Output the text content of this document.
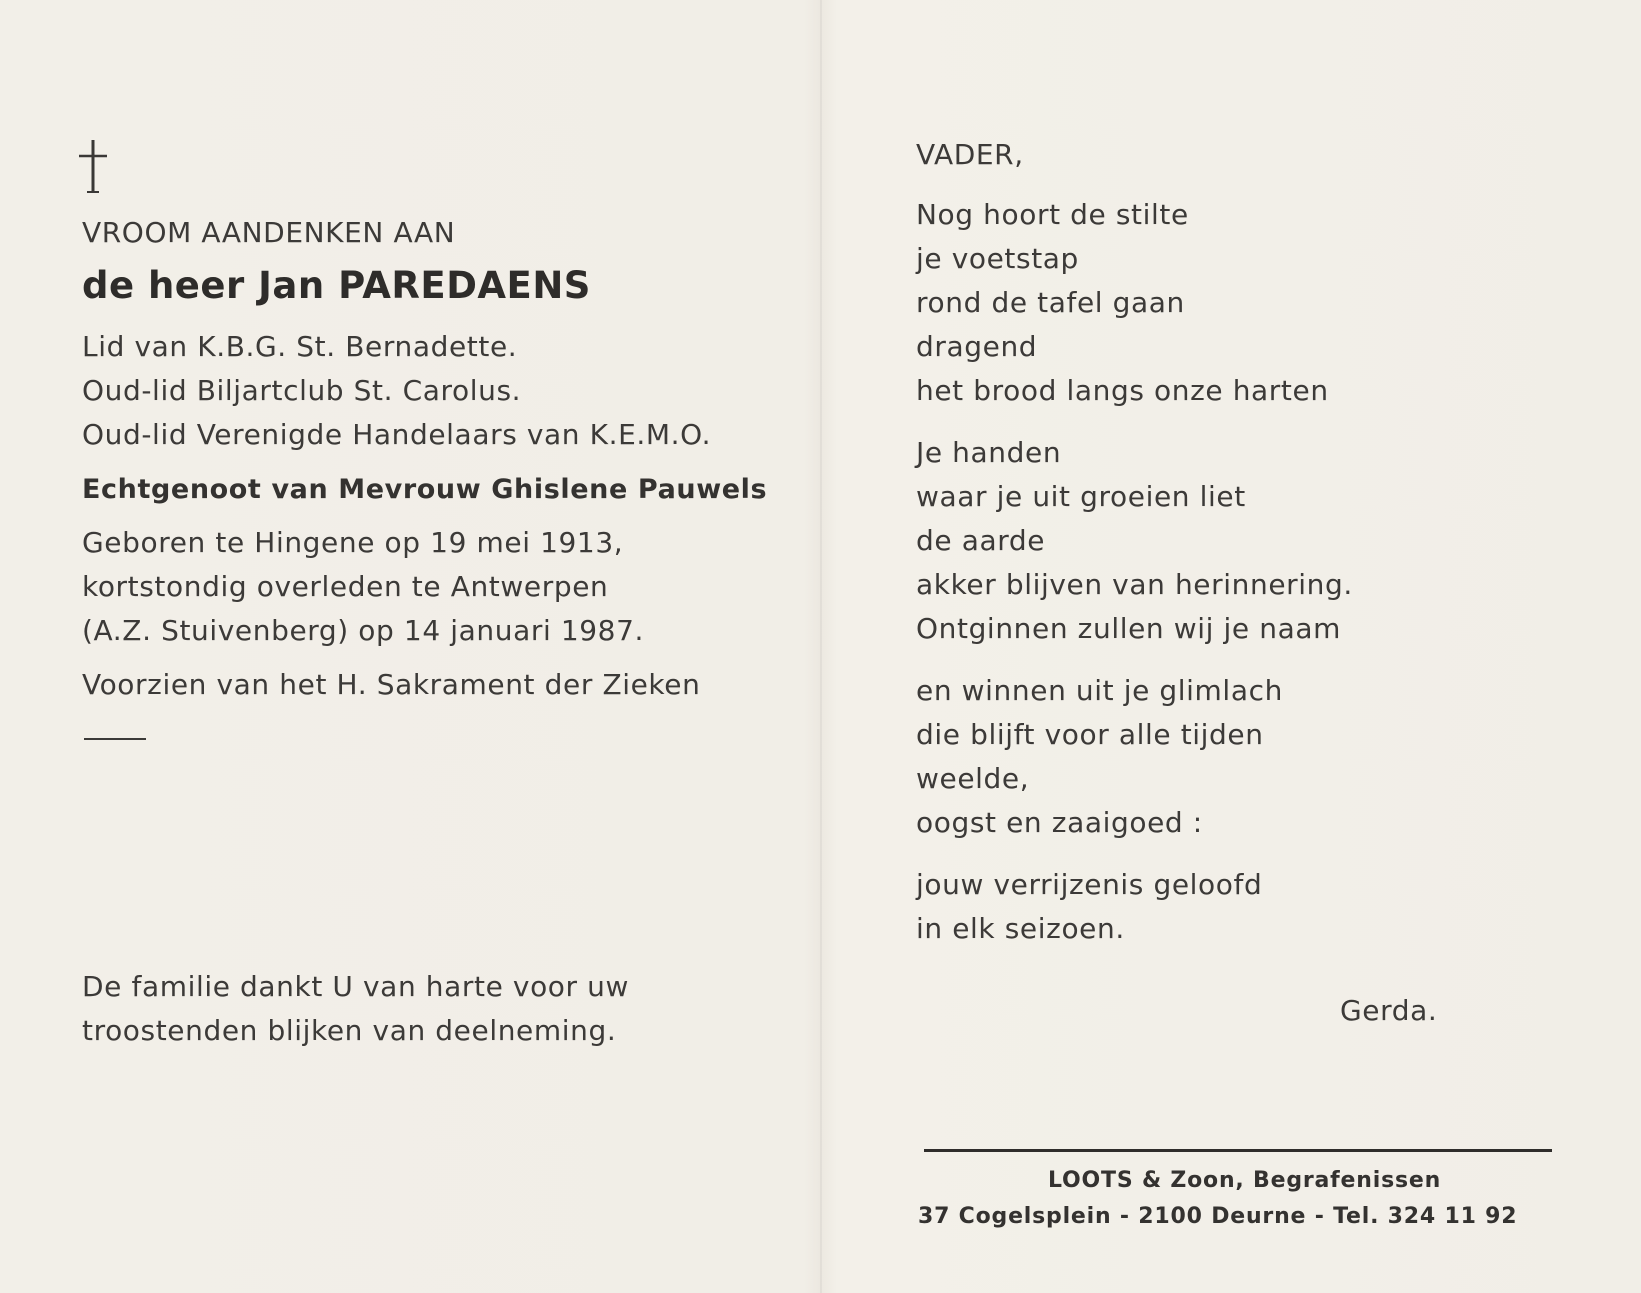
VROOM AANDENKEN AAN
de heer Jan PAREDAENS
Lid van K.B.G. St. Bernadette.
Oud-lid Biljartclub St. Carolus.
Oud-lid Verenigde Handelaars van K.E.M.O.
Echtgenoot van Mevrouw Ghislene Pauwels
Geboren te Hingene op 19 mei 1913,
kortstondig overleden te Antwerpen
(A.Z. Stuivenberg) op 14 januari 1987.
Voorzien van het H. Sakrament der Zieken
De familie dankt U van harte voor uw
troostenden blijken van deelneming.
VADER,
Nog hoort de stilte
je voetstap
rond de tafel gaan
dragend
het brood langs onze harten
Je handen
waar je uit groeien liet
de aarde
akker blijven van herinnering.
Ontginnen zullen wij je naam
en winnen uit je glimlach
die blijft voor alle tijden
weelde,
oogst en zaaigoed :
jouw verrijzenis geloofd
in elk seizoen.
Gerda.
LOOTS & Zoon, Begrafenissen
37 Cogelsplein - 2100 Deurne - Tel. 324 11 92
